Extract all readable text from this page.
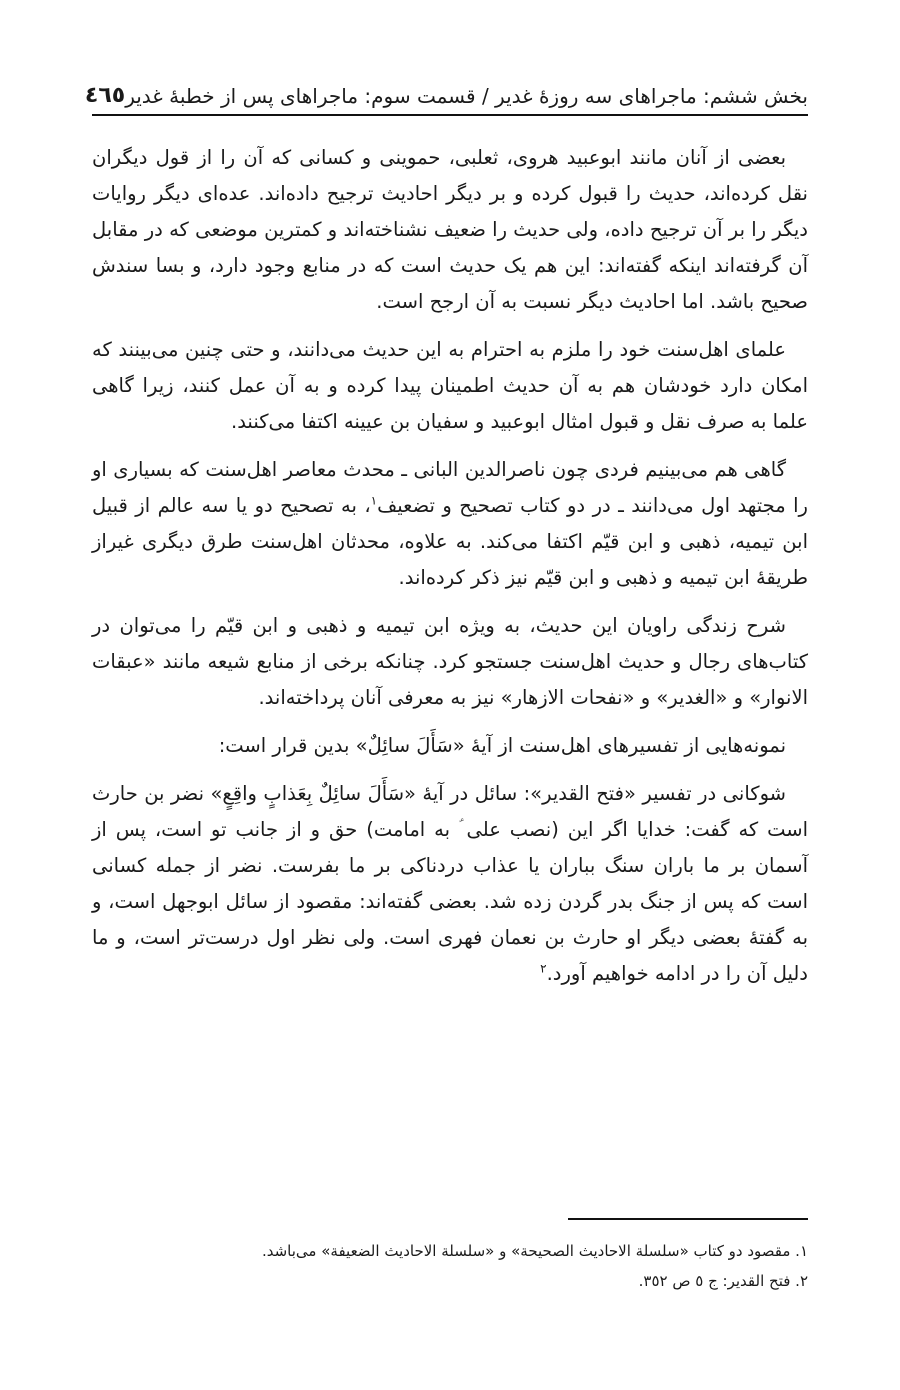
بخش ششم: ماجراهای سه روزۀ غدیر / قسمت سوم: ماجراهای پس از خطبۀ غدیر
٤٦٥

بعضی از آنان مانند ابوعبید هروی، ثعلبی، حموینی و کسانی که آن را از قول دیگران نقل کرده‌اند، حدیث را قبول کرده و بر دیگر احادیث ترجیح داده‌اند. عده‌ای دیگر روایات دیگر را بر آن ترجیح داده، ولی حدیث را ضعیف نشناخته‌اند و کمترین موضعی که در مقابل آن گرفته‌اند اینکه گفته‌اند: این هم یک حدیث است که در منابع وجود دارد، و بسا سندش صحیح باشد. اما احادیث دیگر نسبت به آن ارجح است.

علمای اهل‌سنت خود را ملزم به احترام به این حدیث می‌دانند، و حتی چنین می‌بینند که امکان دارد خودشان هم به آن حدیث اطمینان پیدا کرده و به آن عمل کنند، زیرا گاهی علما به صرف نقل و قبول امثال ابوعبید و سفیان بن عیینه اکتفا می‌کنند.

گاهی هم می‌بینیم فردی چون ناصرالدین البانی ـ محدث معاصر اهل‌سنت که بسیاری او را مجتهد اول می‌دانند ـ در دو کتاب تصحیح و تضعیف$^١$، به تصحیح دو یا سه عالم از قبیل ابن تیمیه، ذهبی و ابن قیّم اکتفا می‌کند. به علاوه، محدثان اهل‌سنت طرق دیگری غیراز طریقۀ ابن تیمیه و ذهبی و ابن قیّم نیز ذکر کرده‌اند.

شرح زندگی راویان این حدیث، به ویژه ابن تیمیه و ذهبی و ابن قیّم را می‌توان در کتاب‌های رجال و حدیث اهل‌سنت جستجو کرد. چنانکه برخی از منابع شیعه مانند «عبقات الانوار» و «الغدیر» و «نفحات الازهار» نیز به معرفی آنان پرداخته‌اند.

نمونه‌هایی از تفسیرهای اهل‌سنت از آیۀ «سَأَلَ سائِلٌ» بدین قرار است:

شوکانی در تفسیر «فتح القدیر»: سائل در آیۀ «سَأَلَ سائِلٌ بِعَذابٍ واقِعٍ» نضر بن حارث است که گفت: خدایا اگر این (نصب علی ؑ به امامت) حق و از جانب تو است، پس از آسمان بر ما باران سنگ بباران یا عذاب دردناکی بر ما بفرست. نضر از جمله کسانی است که پس از جنگ بدر گردن زده شد. بعضی گفته‌اند: مقصود از سائل ابوجهل است، و به گفتۀ بعضی دیگر او حارث بن نعمان فهری است. ولی نظر اول درست‌تر است، و ما دلیل آن را در ادامه خواهیم آورد.$^٢$

١. مقصود دو کتاب «سلسلة الاحادیث الصحیحة» و «سلسلة الاحادیث الضعیفة» می‌باشد.

٢. فتح القدیر: ج ٥ ص ٣٥٢.
